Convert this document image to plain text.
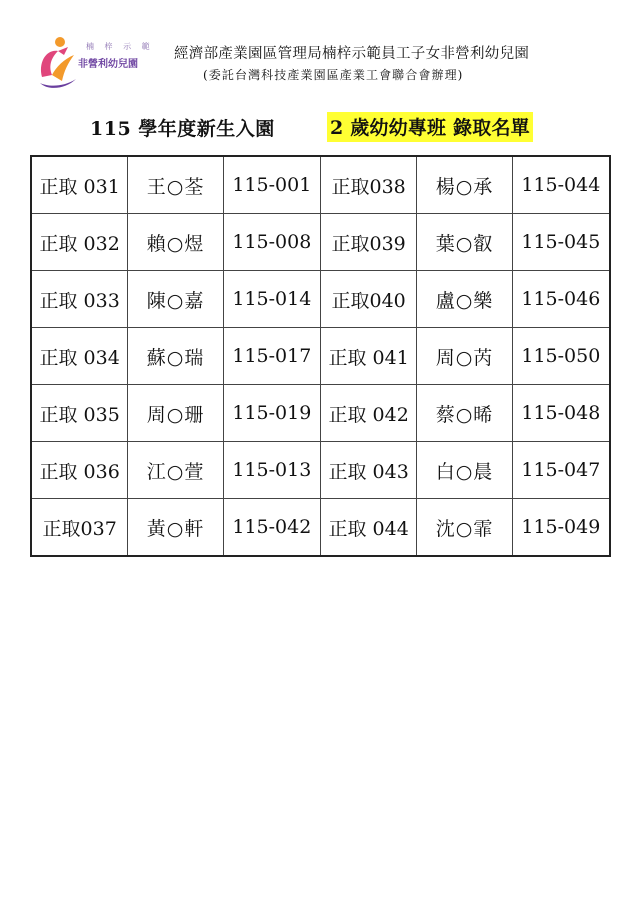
楠 梓 示 範
非營利幼兒園
經濟部產業園區管理局楠梓示範員工子女非營利幼兒園
(委託台灣科技產業園區產業工會聯合會辦理)
115 學年度新生入園	2 歲幼幼專班 錄取名單
正取 031	王○荃	115-001	正取038	楊○承	115-044
正取 032	賴○煜	115-008	正取039	葉○叡	115-045
正取 033	陳○嘉	115-014	正取040	盧○樂	115-046
正取 034	蘇○瑞	115-017	正取 041	周○芮	115-050
正取 035	周○珊	115-019	正取 042	蔡○晞	115-048
正取 036	江○萱	115-013	正取 043	白○晨	115-047
正取037	黃○軒	115-042	正取 044	沈○霏	115-049
